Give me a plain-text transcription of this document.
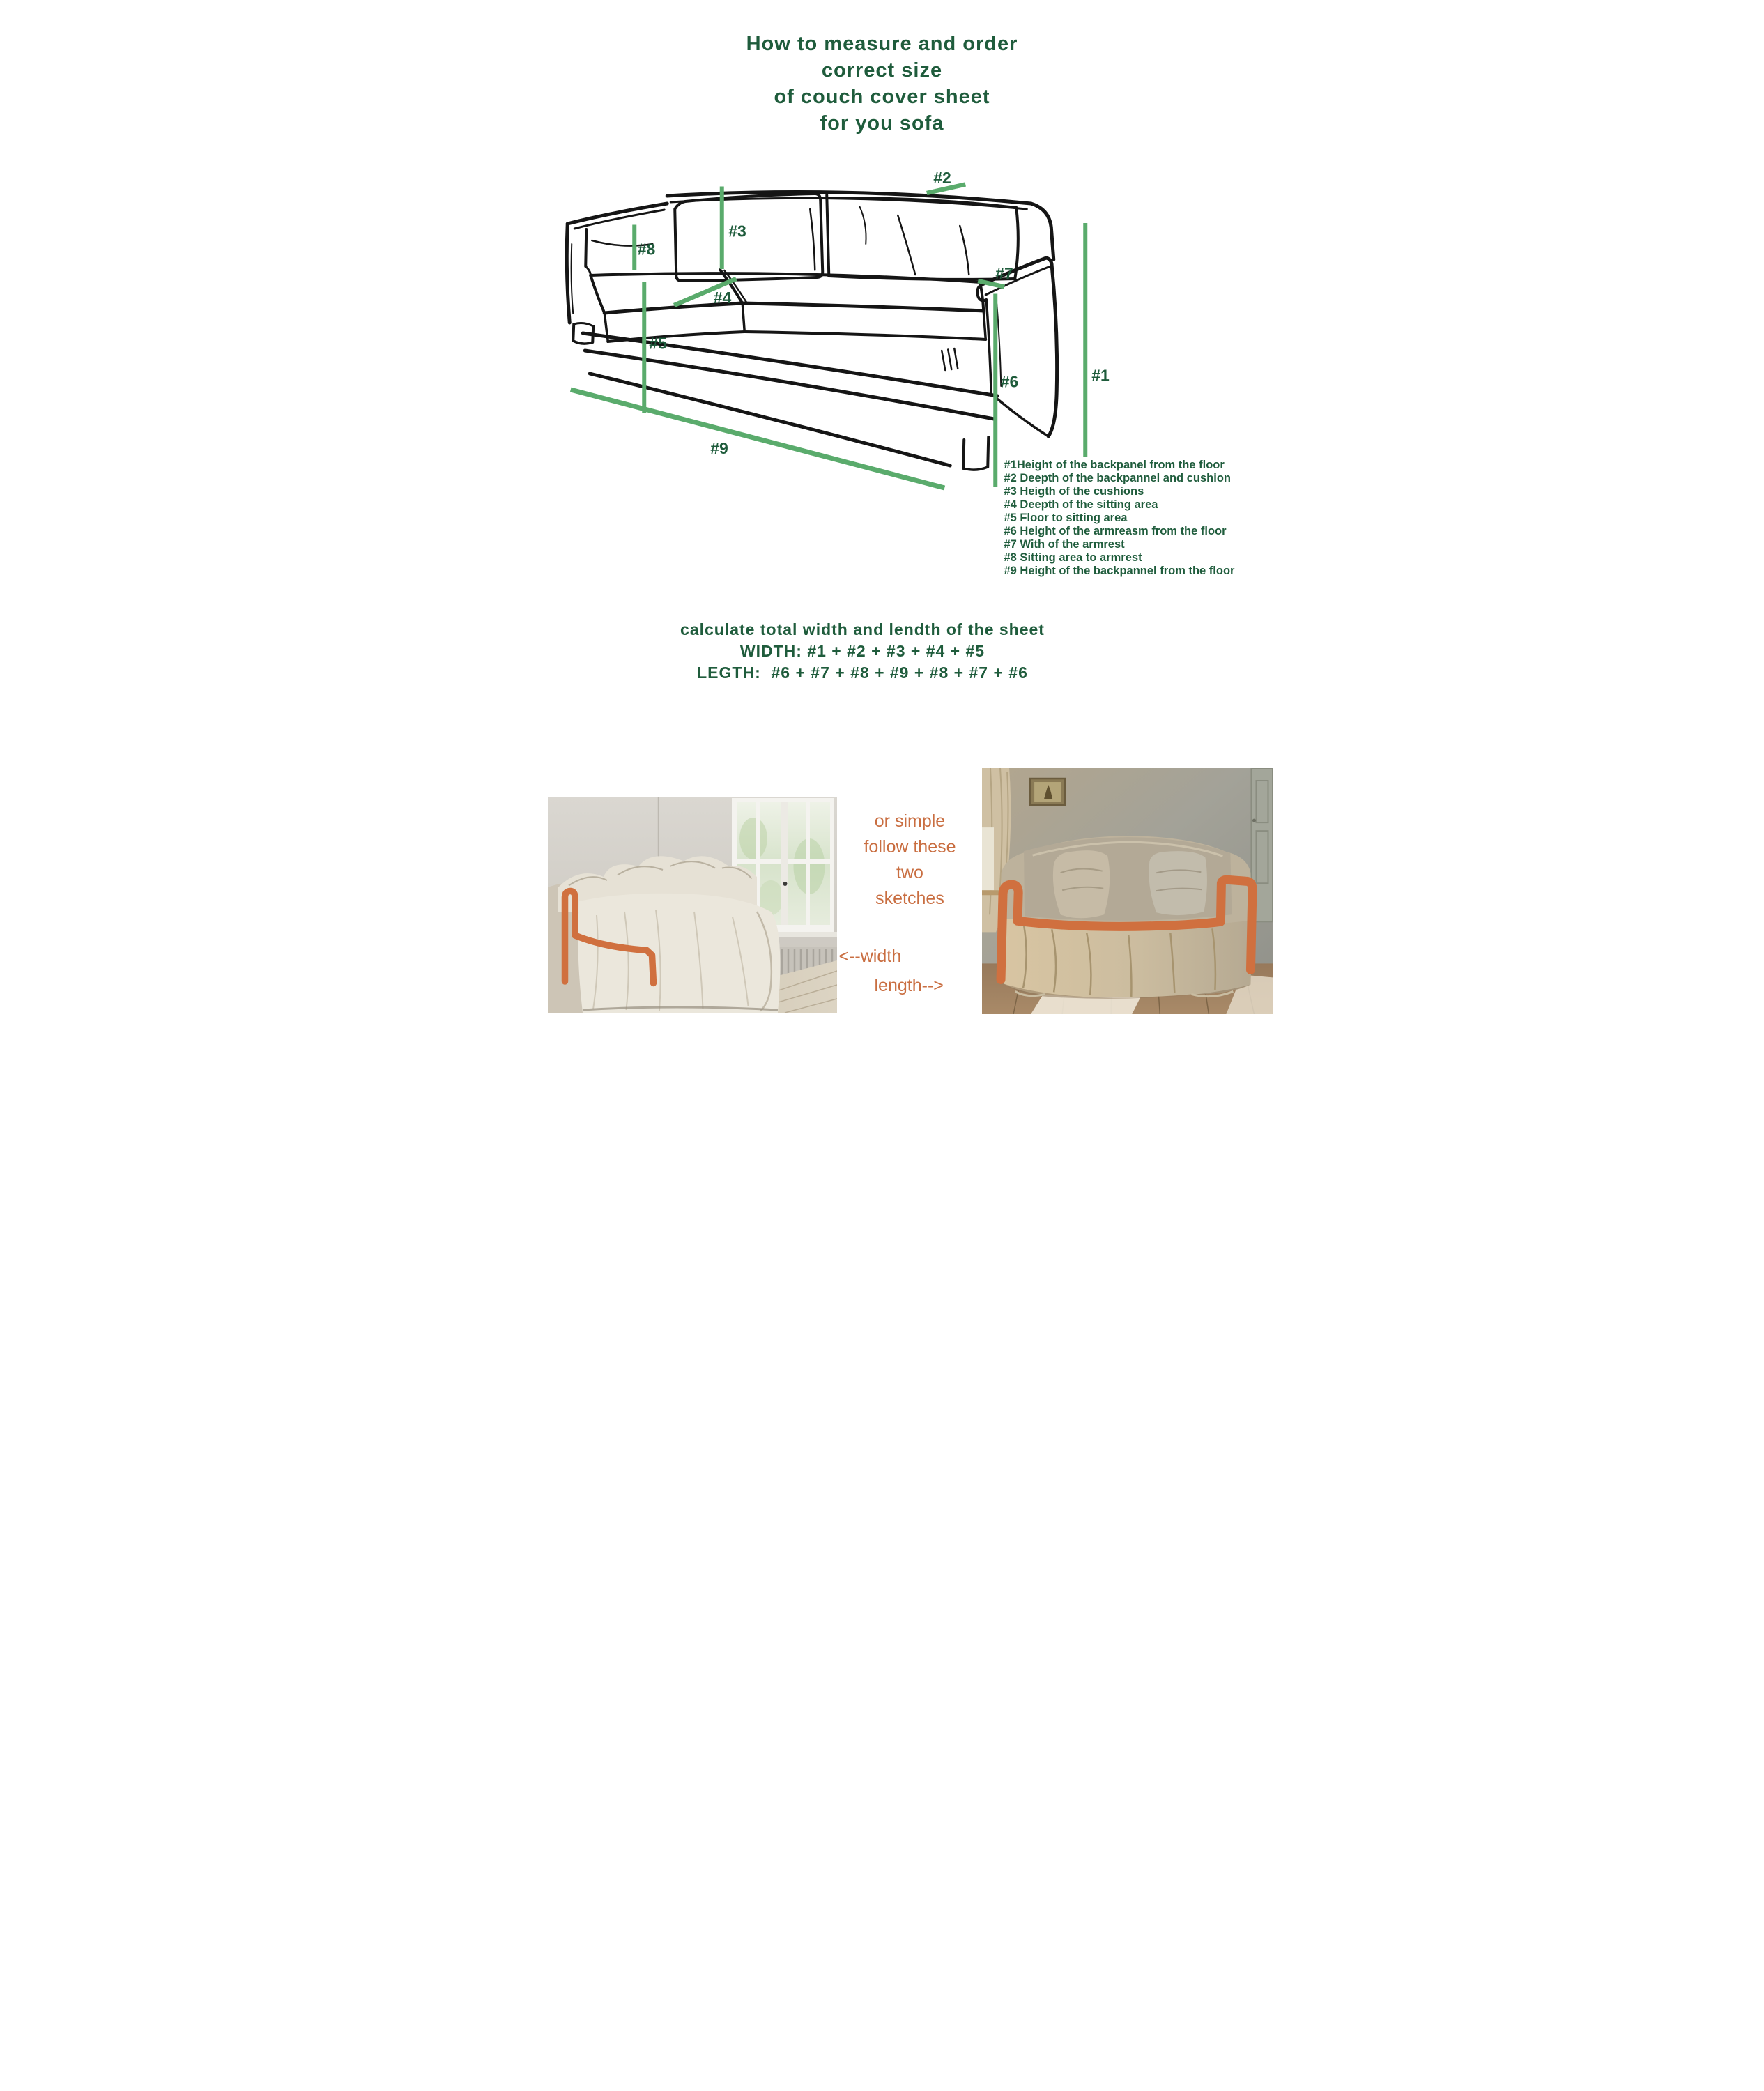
How to measure and order
correct size
of couch cover sheet
for you sofa
#1
#2
#3
#4
#5
#6
#7
#8
#9
#1Height of the backpanel from the floor
#2 Deepth of the backpannel and cushion
#3 Heigth of the cushions
#4 Deepth of the sitting area
#5 Floor to sitting area
#6 Height of the armreasm from the floor
#7 With of the armrest
#8 Sitting area to armrest
#9 Height of the backpannel from the floor
calculate total width and lendth of the sheet
WIDTH: #1 + #2 + #3 + #4 + #5
LEGTH:  #6 + #7 + #8 + #9 + #8 + #7 + #6
or simple
follow these
two
sketches
<--width
length-->
